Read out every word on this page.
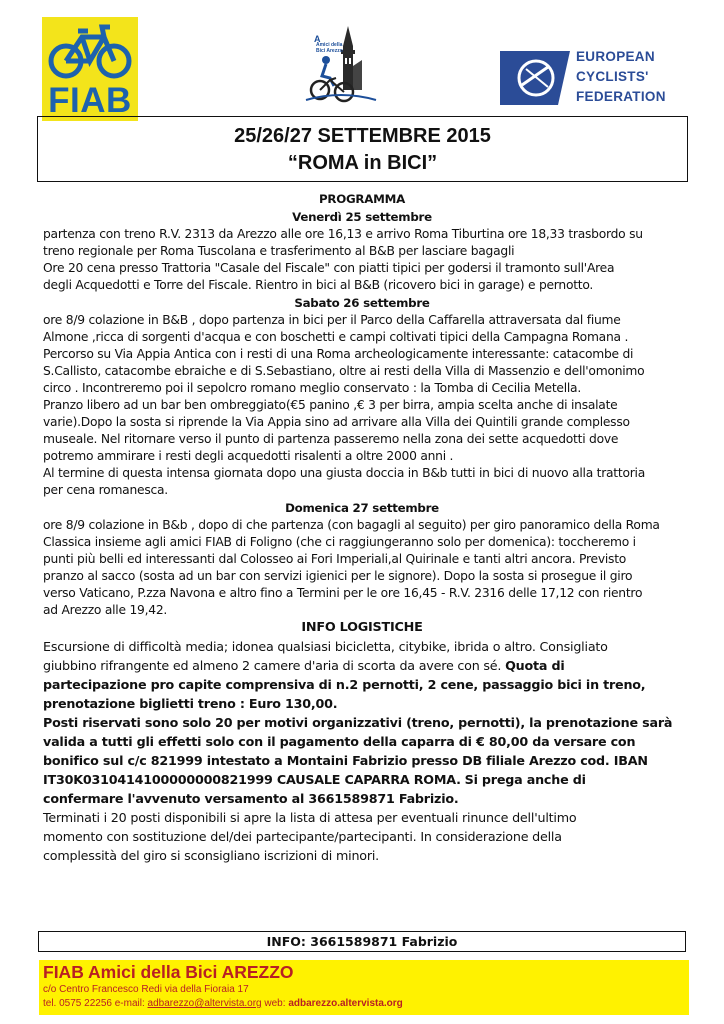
FIAB
A
Amici della Bici Arezzo	EUROPEAN
CYCLISTS'
FEDERATION
25/26/27 SETTEMBRE 2015
“ROMA in BICI”
PROGRAMMA
Venerdì 25 settembre
partenza con treno R.V. 2313 da Arezzo alle ore 16,13 e arrivo Roma Tiburtina ore 18,33 trasbordo su
treno regionale per Roma Tuscolana e trasferimento al B&B per lasciare bagagli
Ore 20 cena presso Trattoria "Casale del Fiscale" con piatti tipici per godersi il tramonto sull'Area
degli Acquedotti e Torre del Fiscale. Rientro in bici al B&B (ricovero bici in garage) e pernotto.
Sabato 26 settembre
ore 8/9 colazione in B&B , dopo partenza in bici per il Parco della Caffarella attraversata dal fiume
Almone ,ricca di sorgenti d'acqua e con boschetti e campi coltivati tipici della Campagna Romana .
Percorso su Via Appia Antica con i resti di una Roma archeologicamente interessante: catacombe di
S.Callisto, catacombe ebraiche e di S.Sebastiano, oltre ai resti della Villa di Massenzio e dell'omonimo
circo . Incontreremo poi il sepolcro romano meglio conservato : la Tomba di Cecilia Metella.
Pranzo libero ad un bar ben ombreggiato(€5 panino ,€ 3 per birra, ampia scelta anche di insalate
varie).Dopo la sosta si riprende la Via Appia sino ad arrivare alla Villa dei Quintili grande complesso
museale. Nel ritornare verso il punto di partenza passeremo nella zona dei sette acquedotti dove
potremo ammirare i resti degli acquedotti risalenti a oltre 2000 anni .
Al termine di questa intensa giornata dopo una giusta doccia in B&b tutti in bici di nuovo alla trattoria
per cena romanesca.
Domenica 27 settembre
ore 8/9 colazione in B&b , dopo di che partenza (con bagagli al seguito) per giro panoramico della Roma
Classica insieme agli amici FIAB di Foligno (che ci raggiungeranno solo per domenica): toccheremo i
punti più belli ed interessanti dal Colosseo ai Fori Imperiali,al Quirinale e tanti altri ancora. Previsto
pranzo al sacco (sosta ad un bar con servizi igienici per le signore). Dopo la sosta si prosegue il giro
verso Vaticano, P.zza Navona e altro fino a Termini per le ore 16,45 - R.V. 2316 delle 17,12 con rientro
ad Arezzo alle 19,42.
INFO LOGISTICHE
Escursione di difficoltà media; idonea qualsiasi bicicletta, citybike, ibrida o altro. Consigliato
giubbino rifrangente ed almeno 2 camere d'aria di scorta da avere con sé. Quota di
partecipazione pro capite comprensiva di n.2 pernotti, 2 cene, passaggio bici in treno,
prenotazione biglietti treno : Euro 130,00.
Posti riservati sono solo 20 per motivi organizzativi (treno, pernotti), la prenotazione sarà
valida a tutti gli effetti solo con il pagamento della caparra di € 80,00 da versare con
bonifico sul c/c 821999 intestato a Montaini Fabrizio presso DB filiale Arezzo cod. IBAN
IT30K0310414100000000821999 CAUSALE CAPARRA ROMA. Si prega anche di
confermare l'avvenuto versamento al 3661589871 Fabrizio.
Terminati i 20 posti disponibili si apre la lista di attesa per eventuali rinunce dell'ultimo
momento con sostituzione del/dei partecipante/partecipanti. In considerazione della
complessità del giro si sconsigliano iscrizioni di minori.
INFO: 3661589871 Fabrizio
FIAB Amici della Bici AREZZO
c/o Centro Francesco Redi via della Fioraia 17
tel. 0575 22256 e-mail: adbarezzo@altervista.org web: adbarezzo.altervista.org
